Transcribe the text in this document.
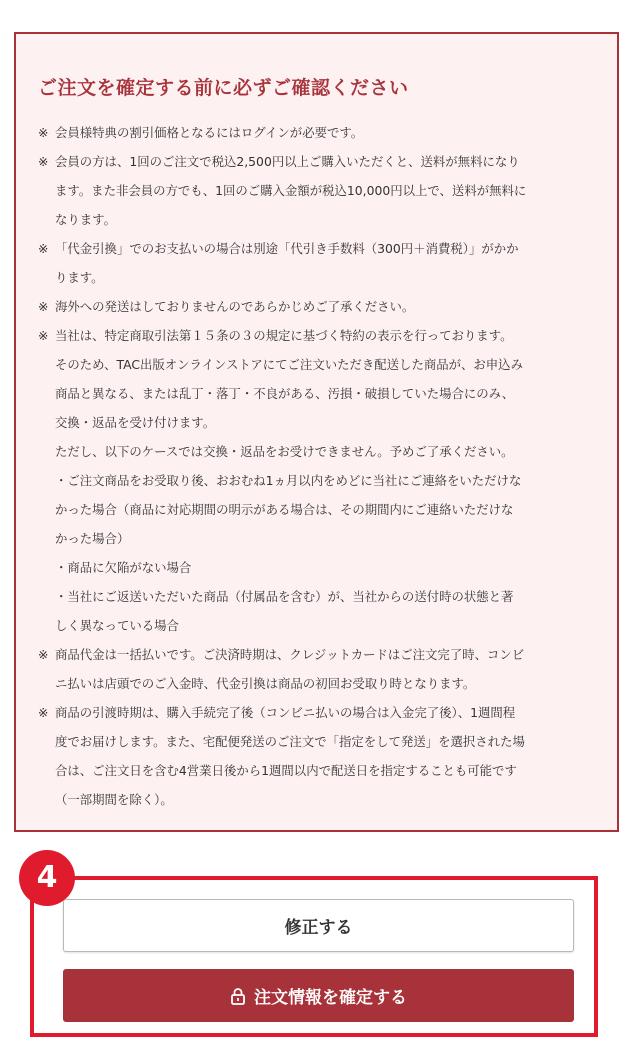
ご注文を確定する前に必ずご確認ください
※ 会員様特典の割引価格となるにはログインが必要です。
※ 会員の方は、1回のご注文で税込2,500円以上ご購入いただくと、送料が無料になり
ます。また非会員の方でも、1回のご購入金額が税込10,000円以上で、送料が無料に
なります。
※ 「代金引換」でのお支払いの場合は別途「代引き手数料（300円＋消費税）」がかか
ります。
※ 海外への発送はしておりませんのであらかじめご了承ください。
※ 当社は、特定商取引法第１５条の３の規定に基づく特約の表示を行っております。
そのため、TAC出版オンラインストアにてご注文いただき配送した商品が、お申込み
商品と異なる、または乱丁・落丁・不良がある、汚損・破損していた場合にのみ、
交換・返品を受け付けます。
ただし、以下のケースでは交換・返品をお受けできません。予めご了承ください。
・ご注文商品をお受取り後、おおむね1ヵ月以内をめどに当社にご連絡をいただけな
かった場合（商品に対応期間の明示がある場合は、その期間内にご連絡いただけな
かった場合）
・商品に欠陥がない場合
・当社にご返送いただいた商品（付属品を含む）が、当社からの送付時の状態と著
しく異なっている場合
※ 商品代金は一括払いです。ご決済時期は、クレジットカードはご注文完了時、コンビ
ニ払いは店頭でのご入金時、代金引換は商品の初回お受取り時となります。
※ 商品の引渡時期は、購入手続完了後（コンビニ払いの場合は入金完了後）、1週間程
度でお届けします。また、宅配便発送のご注文で「指定をして発送」を選択された場
合は、ご注文日を含む4営業日後から1週間以内で配送日を指定することも可能です
（一部期間を除く）。
4
修正する
注文情報を確定する
